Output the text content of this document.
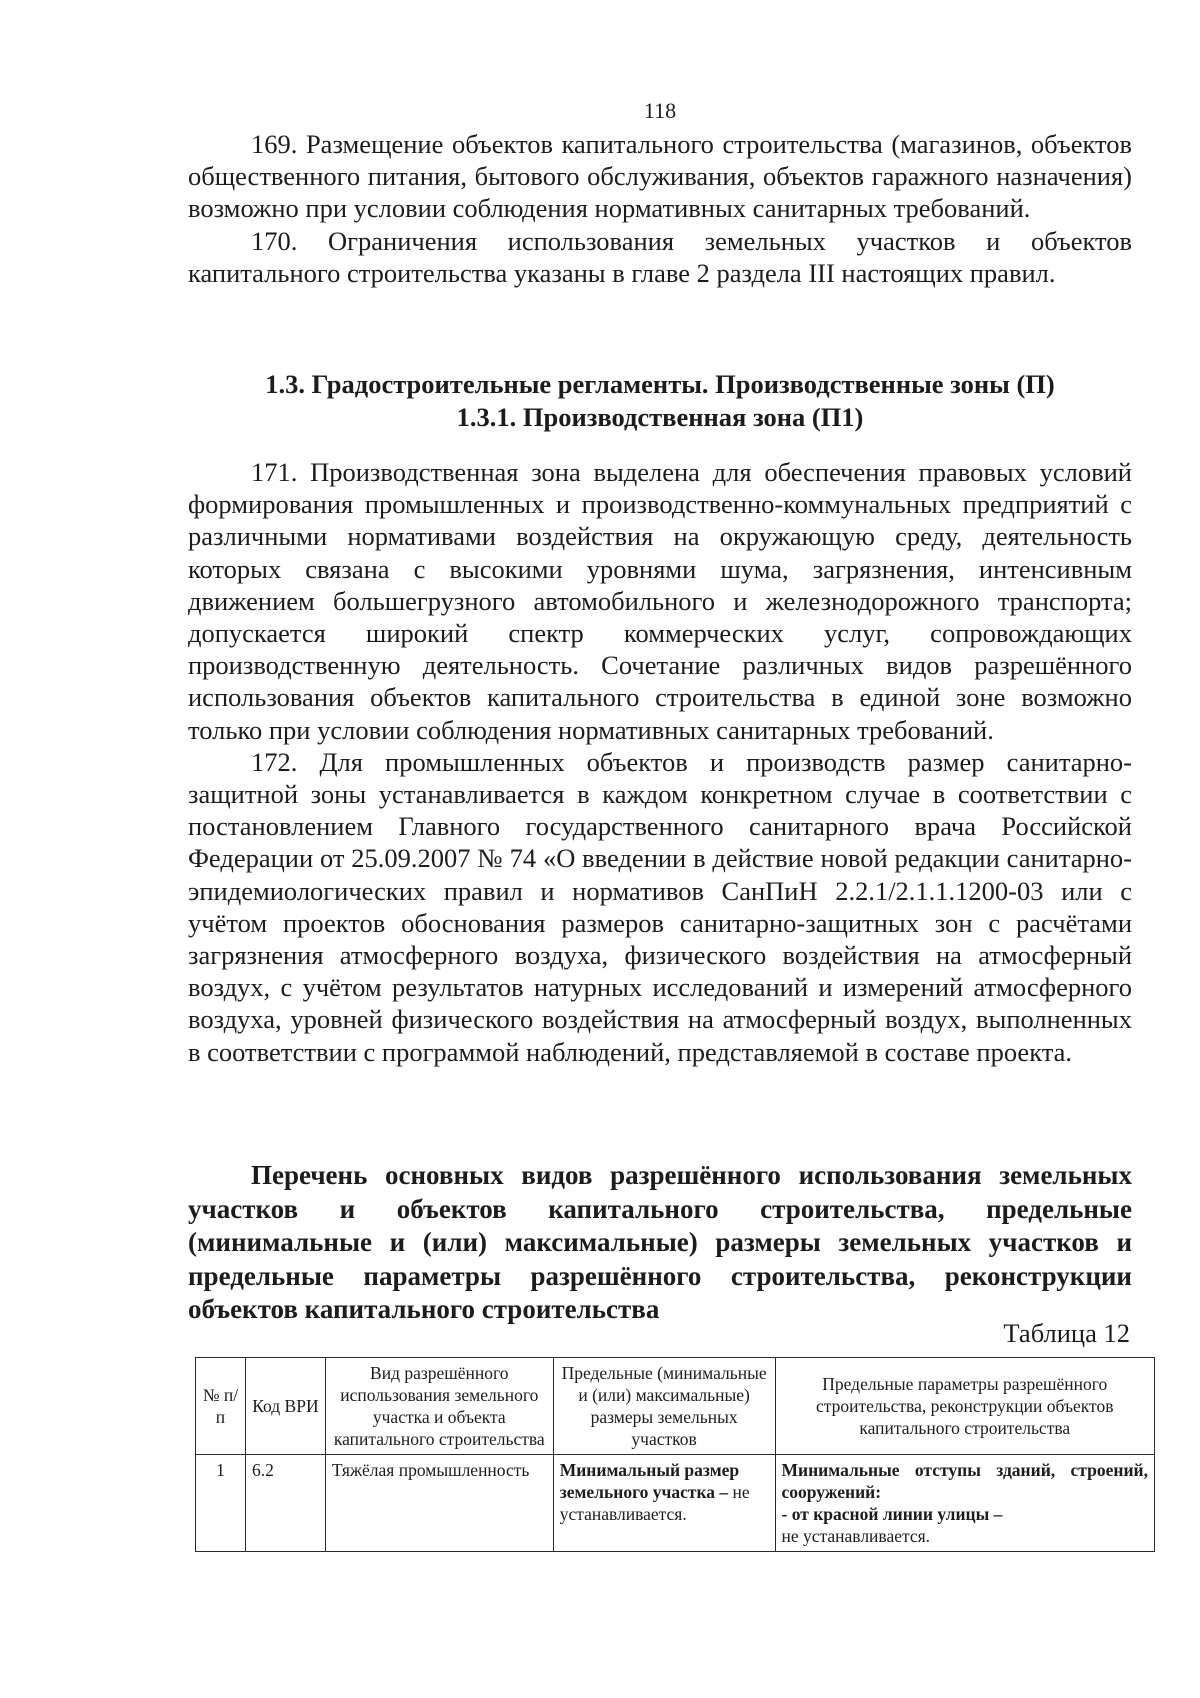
118

169. Размещение объектов капитального строительства (магазинов, объектов общественного питания, бытового обслуживания, объектов гаражного назначения) возможно при условии соблюдения нормативных санитарных требований.

170. Ограничения использования земельных участков и объектов капитального строительства указаны в главе 2 раздела III настоящих правил.

1.3. Градостроительные регламенты. Производственные зоны (П)
1.3.1. Производственная зона (П1)

171. Производственная зона выделена для обеспечения правовых условий формирования промышленных и производственно-коммунальных предприятий с различными нормативами воздействия на окружающую среду, деятельность которых связана с высокими уровнями шума, загрязнения, интенсивным движением большегрузного автомобильного и железнодорожного транспорта; допускается широкий спектр коммерческих услуг, сопровождающих производственную деятельность. Сочетание различных видов разрешённого использования объектов капитального строительства в единой зоне возможно только при условии соблюдения нормативных санитарных требований.

172. Для промышленных объектов и производств размер санитарно-защитной зоны устанавливается в каждом конкретном случае в соответствии с постановлением Главного государственного санитарного врача Российской Федерации от 25.09.2007 № 74 «О введении в действие новой редакции санитарно-эпидемиологических правил и нормативов СанПиН 2.2.1/2.1.1.1200-03 или с учётом проектов обоснования размеров санитарно-защитных зон с расчётами загрязнения атмосферного воздуха, физического воздействия на атмосферный воздух, с учётом результатов натурных исследований и измерений атмосферного воздуха, уровней физического воздействия на атмосферный воздух, выполненных в соответствии с программой наблюдений, представляемой в составе проекта.

Перечень основных видов разрешённого использования земельных участков и объектов капитального строительства, предельные (минимальные и (или) максимальные) размеры земельных участков и предельные параметры разрешённого строительства, реконструкции объектов капитального строительства
Таблица 12
№ п/п	Код ВРИ	Вид разрешённого использования земельного участка и объекта капитального строительства	Предельные (минимальные и (или) максимальные) размеры земельных участков	Предельные параметры разрешённого строительства, реконструкции объектов капитального строительства
1	6.2	Тяжёлая промышленность	Минимальный размер земельного участка – не устанавливается.	Минимальные отступы зданий, строений, сооружений:
- от красной линии улицы –
не устанавливается.
